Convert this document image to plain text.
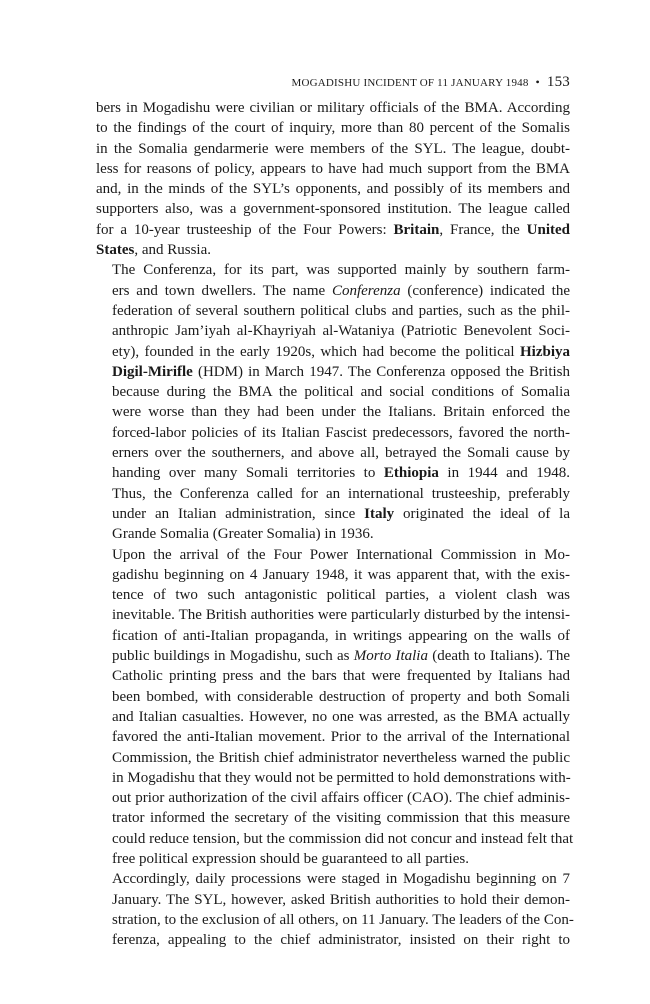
MOGADISHU INCIDENT OF 11 JANUARY 1948 • 153

bers in Mogadishu were civilian or military officials of the BMA. According
to the findings of the court of inquiry, more than 80 percent of the Somalis
in the Somalia gendarmerie were members of the SYL. The league, doubt-
less for reasons of policy, appears to have had much support from the BMA
and, in the minds of the SYL’s opponents, and possibly of its members and
supporters also, was a government-sponsored institution. The league called
for a 10-year trusteeship of the Four Powers: Britain, France, the United
States, and Russia.

The Conferenza, for its part, was supported mainly by southern farm-
ers and town dwellers. The name Conferenza (conference) indicated the
federation of several southern political clubs and parties, such as the phil-
anthropic Jam’iyah al-Khayriyah al-Wataniya (Patriotic Benevolent Soci-
ety), founded in the early 1920s, which had become the political Hizbiya
Digil-Mirifle (HDM) in March 1947. The Conferenza opposed the British
because during the BMA the political and social conditions of Somalia
were worse than they had been under the Italians. Britain enforced the
forced-labor policies of its Italian Fascist predecessors, favored the north-
erners over the southerners, and above all, betrayed the Somali cause by
handing over many Somali territories to Ethiopia in 1944 and 1948.
Thus, the Conferenza called for an international trusteeship, preferably
under an Italian administration, since Italy originated the ideal of la
Grande Somalia (Greater Somalia) in 1936.

Upon the arrival of the Four Power International Commission in Mo-
gadishu beginning on 4 January 1948, it was apparent that, with the exis-
tence of two such antagonistic political parties, a violent clash was
inevitable. The British authorities were particularly disturbed by the intensi-
fication of anti-Italian propaganda, in writings appearing on the walls of
public buildings in Mogadishu, such as Morto Italia (death to Italians). The
Catholic printing press and the bars that were frequented by Italians had
been bombed, with considerable destruction of property and both Somali
and Italian casualties. However, no one was arrested, as the BMA actually
favored the anti-Italian movement. Prior to the arrival of the International
Commission, the British chief administrator nevertheless warned the public
in Mogadishu that they would not be permitted to hold demonstrations with-
out prior authorization of the civil affairs officer (CAO). The chief adminis-
trator informed the secretary of the visiting commission that this measure
could reduce tension, but the commission did not concur and instead felt that
free political expression should be guaranteed to all parties.

Accordingly, daily processions were staged in Mogadishu beginning on 7
January. The SYL, however, asked British authorities to hold their demon-
stration, to the exclusion of all others, on 11 January. The leaders of the Con-
ferenza, appealing to the chief administrator, insisted on their right to
